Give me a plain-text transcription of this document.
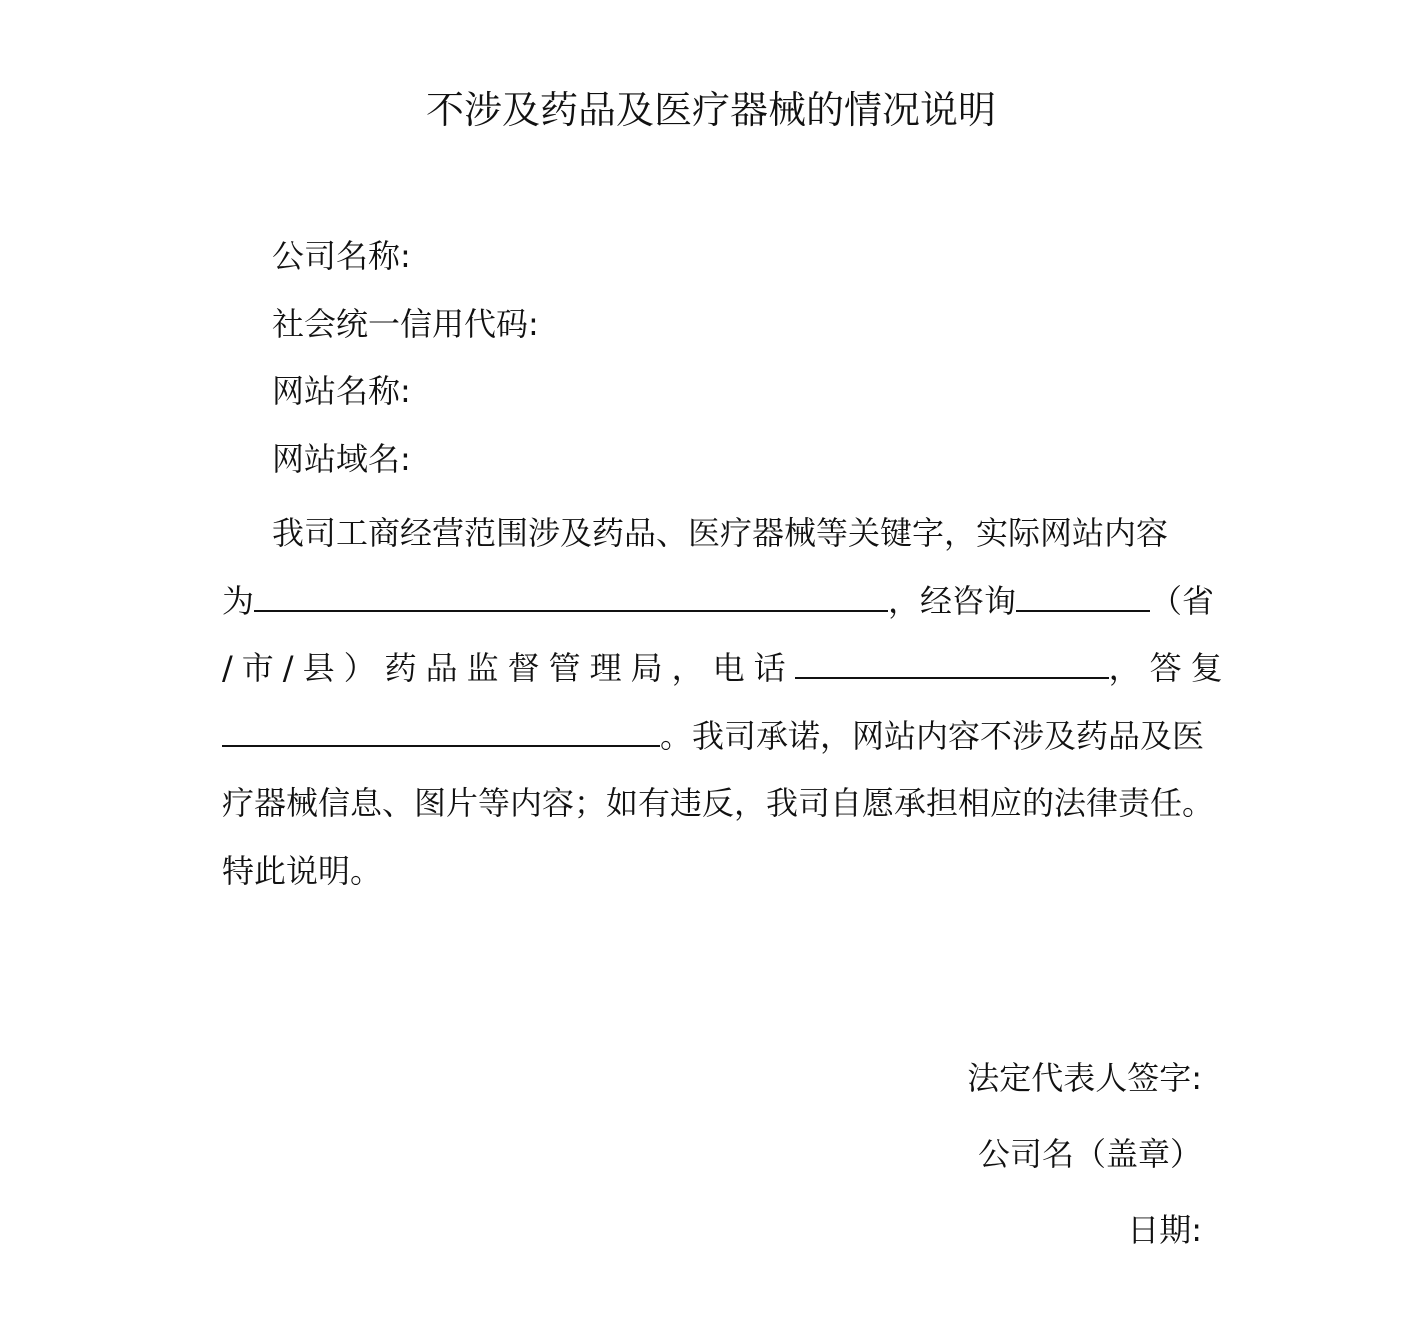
不涉及药品及医疗器械的情况说明

公司名称:

社会统一信用代码:

网站名称:

网站域名:

我司工商经营范围涉及药品、医疗器械等关键字，实际网站内容
为	，经咨询	（省
/市/县）药品监督管理局，电话	，答复
。我司承诺，网站内容不涉及药品及医
疗器械信息、图片等内容；如有违反，我司自愿承担相应的法律责任。
特此说明。

法定代表人签字:

公司名（盖章）

日期:
